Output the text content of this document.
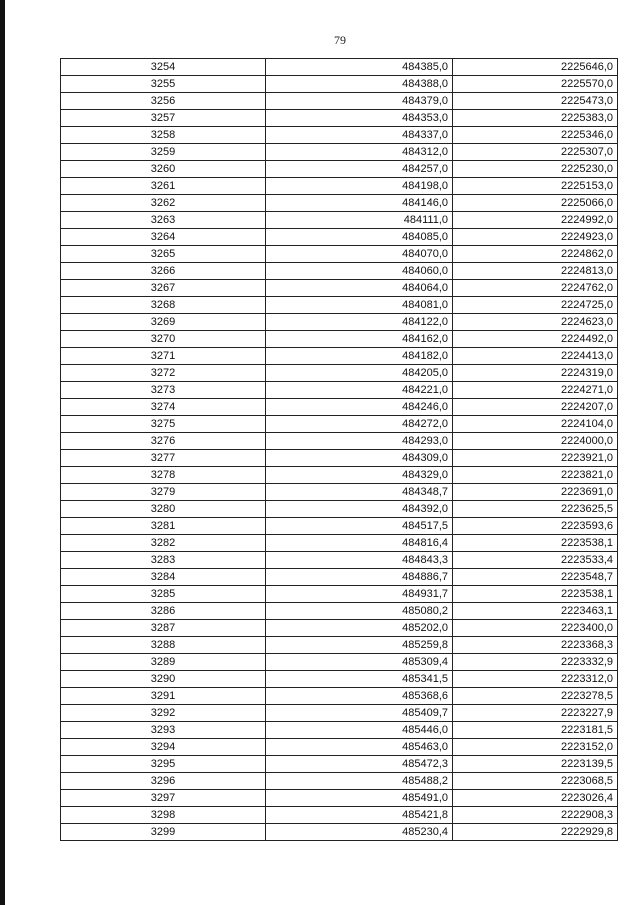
79
3254	484385,0	2225646,0
3255	484388,0	2225570,0
3256	484379,0	2225473,0
3257	484353,0	2225383,0
3258	484337,0	2225346,0
3259	484312,0	2225307,0
3260	484257,0	2225230,0
3261	484198,0	2225153,0
3262	484146,0	2225066,0
3263	484111,0	2224992,0
3264	484085,0	2224923,0
3265	484070,0	2224862,0
3266	484060,0	2224813,0
3267	484064,0	2224762,0
3268	484081,0	2224725,0
3269	484122,0	2224623,0
3270	484162,0	2224492,0
3271	484182,0	2224413,0
3272	484205,0	2224319,0
3273	484221,0	2224271,0
3274	484246,0	2224207,0
3275	484272,0	2224104,0
3276	484293,0	2224000,0
3277	484309,0	2223921,0
3278	484329,0	2223821,0
3279	484348,7	2223691,0
3280	484392,0	2223625,5
3281	484517,5	2223593,6
3282	484816,4	2223538,1
3283	484843,3	2223533,4
3284	484886,7	2223548,7
3285	484931,7	2223538,1
3286	485080,2	2223463,1
3287	485202,0	2223400,0
3288	485259,8	2223368,3
3289	485309,4	2223332,9
3290	485341,5	2223312,0
3291	485368,6	2223278,5
3292	485409,7	2223227,9
3293	485446,0	2223181,5
3294	485463,0	2223152,0
3295	485472,3	2223139,5
3296	485488,2	2223068,5
3297	485491,0	2223026,4
3298	485421,8	2222908,3
3299	485230,4	2222929,8
